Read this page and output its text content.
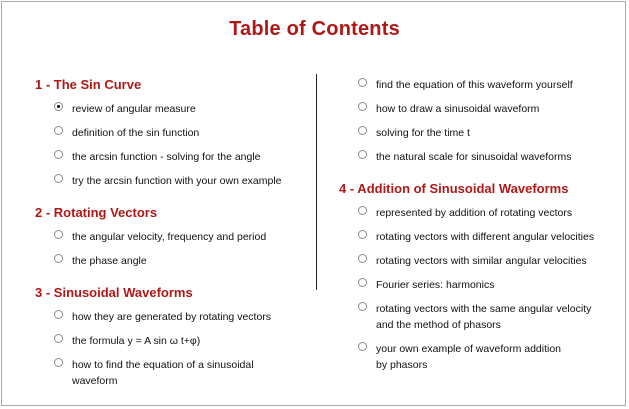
Table of Contents
1 - The Sin Curve
review of angular measure
definition of the sin function
the arcsin function - solving for the angle
try the arcsin function with your own example
2 - Rotating Vectors
the angular velocity, frequency and period
the phase angle
3 - Sinusoidal Waveforms
how they are generated by rotating vectors
the formula y = A sin ω t+φ)
how to find the equation of a sinusoidal
waveform
find the equation of this waveform yourself
how to draw a sinusoidal waveform
solving for the time t
the natural scale for sinusoidal waveforms
4 - Addition of Sinusoidal Waveforms
represented by addition of rotating vectors
rotating vectors with different angular velocities
rotating vectors with similar angular velocities
Fourier series: harmonics
rotating vectors with the same angular velocity
and the method of phasors
your own example of waveform addition
by phasors
